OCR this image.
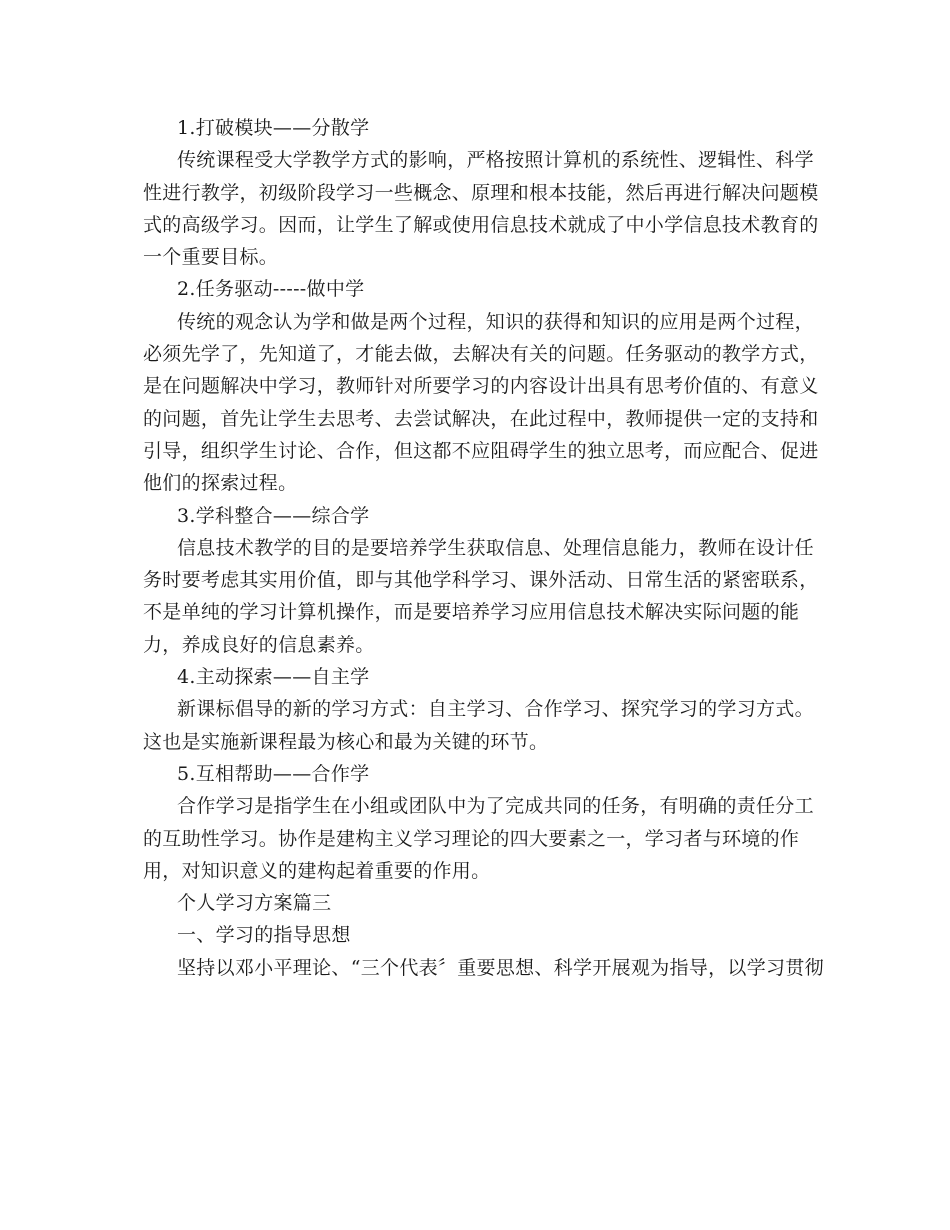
1.打破模块——分散学
传统课程受大学教学方式的影响，严格按照计算机的系统性、逻辑性、科学
性进行教学，初级阶段学习一些概念、原理和根本技能，然后再进行解决问题模
式的高级学习。因而，让学生了解或使用信息技术就成了中小学信息技术教育的
一个重要目标。
2.任务驱动-----做中学
传统的观念认为学和做是两个过程，知识的获得和知识的应用是两个过程，
必须先学了，先知道了，才能去做，去解决有关的问题。任务驱动的教学方式，
是在问题解决中学习，教师针对所要学习的内容设计出具有思考价值的、有意义
的问题，首先让学生去思考、去尝试解决，在此过程中，教师提供一定的支持和
引导，组织学生讨论、合作，但这都不应阻碍学生的独立思考，而应配合、促进
他们的探索过程。
3.学科整合——综合学
信息技术教学的目的是要培养学生获取信息、处理信息能力，教师在设计任
务时要考虑其实用价值，即与其他学科学习、课外活动、日常生活的紧密联系，
不是单纯的学习计算机操作，而是要培养学习应用信息技术解决实际问题的能
力，养成良好的信息素养。
4.主动探索——自主学
新课标倡导的新的学习方式：自主学习、合作学习、探究学习的学习方式。
这也是实施新课程最为核心和最为关键的环节。
5.互相帮助——合作学
合作学习是指学生在小组或团队中为了完成共同的任务，有明确的责任分工
的互助性学习。协作是建构主义学习理论的四大要素之一，学习者与环境的作
用，对知识意义的建构起着重要的作用。
个人学习方案篇三
一、学习的指导思想
坚持以邓小平理论、“三个代表〞重要思想、科学开展观为指导，以学习贯彻
